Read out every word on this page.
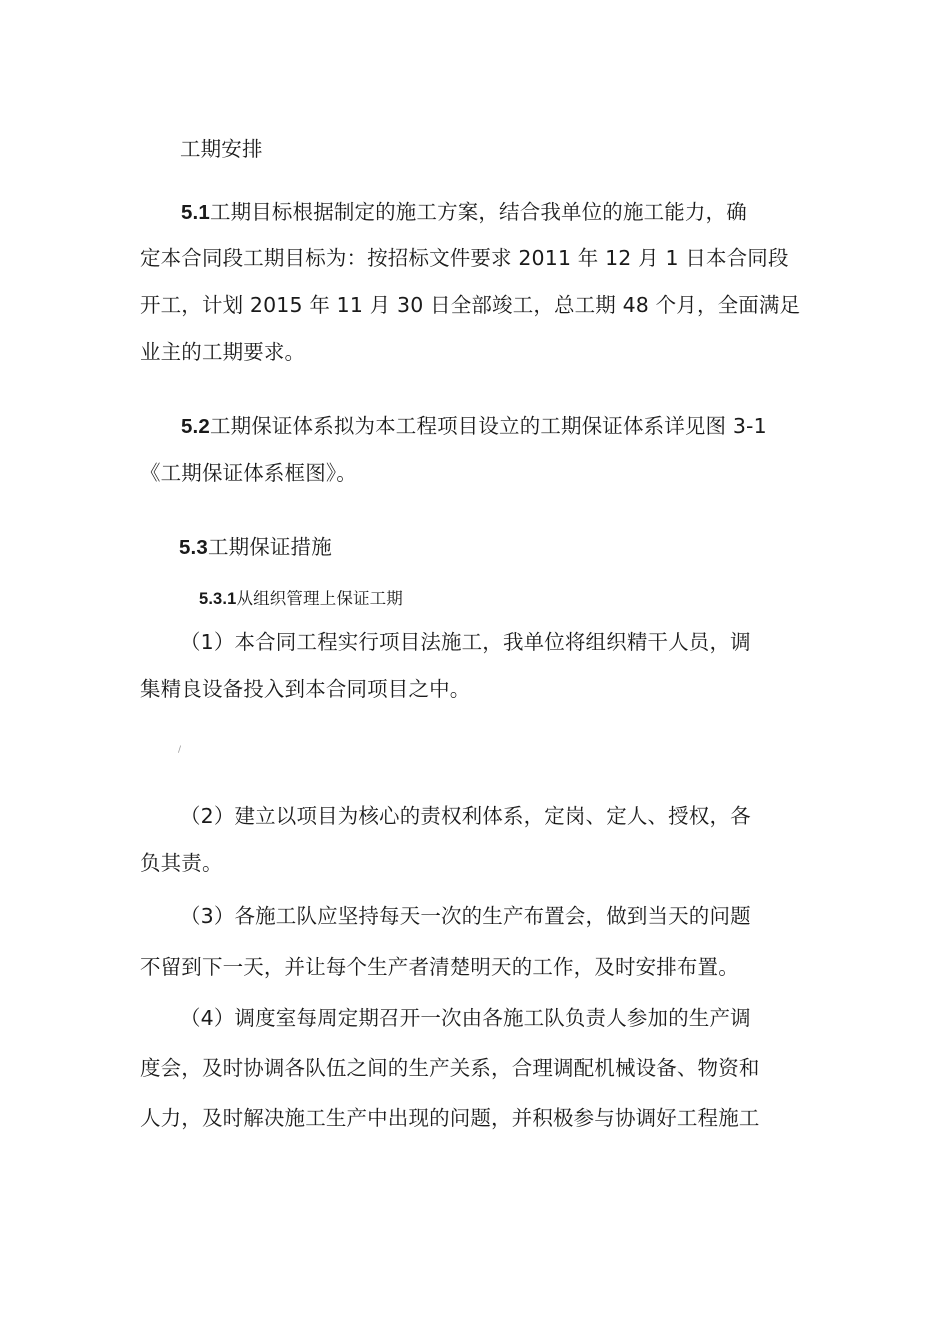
工期安排
5.1工期目标根据制定的施工方案，结合我单位的施工能力，确
定本合同段工期目标为：按招标文件要求 2011 年 12 月 1 日本合同段
开工，计划 2015 年 11 月 30 日全部竣工，总工期 48 个月，全面满足
业主的工期要求。
5.2工期保证体系拟为本工程项目设立的工期保证体系详见图 3-1
《工期保证体系框图》。
5.3工期保证措施
5.3.1从组织管理上保证工期
（1）本合同工程实行项目法施工，我单位将组织精干人员，调
集精良设备投入到本合同项目之中。
/
（2）建立以项目为核心的责权利体系，定岗、定人、授权，各
负其责。
（3）各施工队应坚持每天一次的生产布置会，做到当天的问题
不留到下一天，并让每个生产者清楚明天的工作，及时安排布置。
（4）调度室每周定期召开一次由各施工队负责人参加的生产调
度会，及时协调各队伍之间的生产关系，合理调配机械设备、物资和
人力，及时解决施工生产中出现的问题，并积极参与协调好工程施工
